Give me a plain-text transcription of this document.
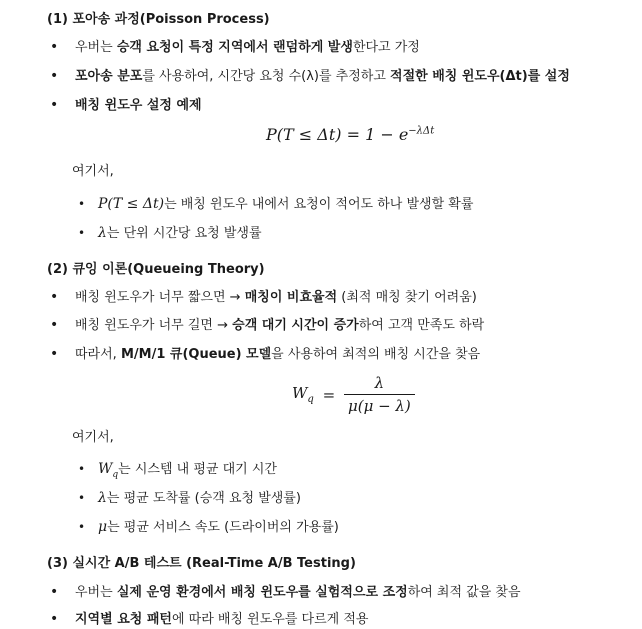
(1) 포아송 과정(Poisson Process)
• 우버는 승객 요청이 특정 지역에서 랜덤하게 발생한다고 가정
• 포아송 분포를 사용하여, 시간당 요청 수(λ)를 추정하고 적절한 배칭 윈도우(Δt)를 설정
• 배칭 윈도우 설정 예제
$P(T \le \Delta t) = 1 - e^{-\lambda\Delta t}$
여기서,
• P(T ≤ Δt)는 배칭 윈도우 내에서 요청이 적어도 하나 발생할 확률
• λ는 단위 시간당 요청 발생률
(2) 큐잉 이론(Queueing Theory)
• 배칭 윈도우가 너무 짧으면 → 매칭이 비효율적 (최적 매칭 찾기 어려움)
• 배칭 윈도우가 너무 길면 → 승객 대기 시간이 증가하여 고객 만족도 하락
• 따라서, M/M/1 큐(Queue) 모델을 사용하여 최적의 배칭 시간을 찾음
$W_q = \frac{\lambda}{\mu(\mu - \lambda)}$
여기서,
• $W_q$는 시스템 내 평균 대기 시간
• λ는 평균 도착률 (승객 요청 발생률)
• μ는 평균 서비스 속도 (드라이버의 가용률)
(3) 실시간 A/B 테스트 (Real-Time A/B Testing)
• 우버는 실제 운영 환경에서 배칭 윈도우를 실험적으로 조정하여 최적 값을 찾음
• 지역별 요청 패턴에 따라 배칭 윈도우를 다르게 적용
